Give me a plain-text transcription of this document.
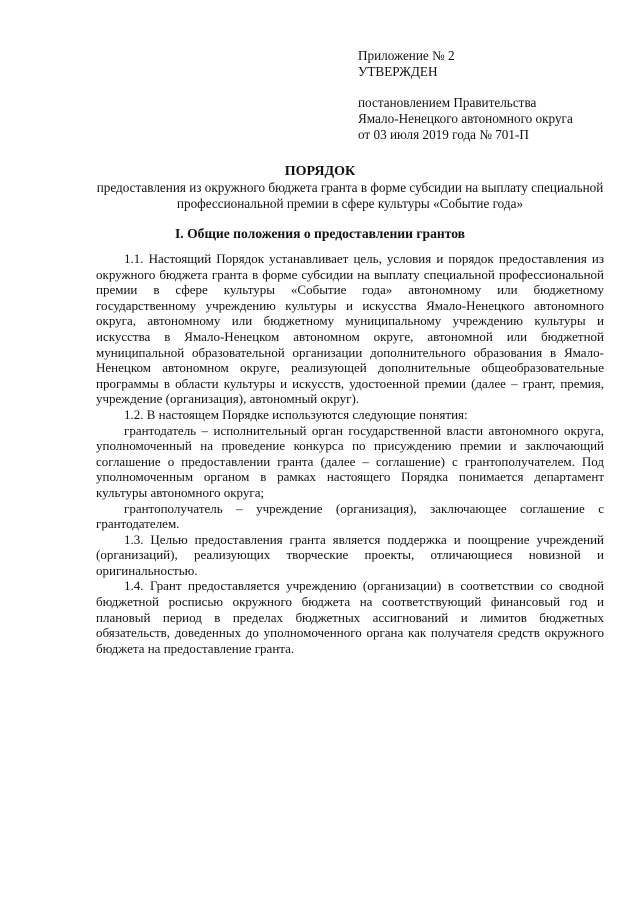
Приложение № 2
УТВЕРЖДЕН
постановлением Правительства
Ямало-Ненецкого автономного округа
от 03 июля 2019 года № 701-П
ПОРЯДОК
предоставления из окружного бюджета гранта в форме субсидии на выплату специальной профессиональной премии в сфере культуры «Событие года»
I. Общие положения о предоставлении грантов

1.1. Настоящий Порядок устанавливает цель, условия и порядок предоставления из окружного бюджета гранта в форме субсидии на выплату специальной профессиональной премии в сфере культуры «Событие года» автономному или бюджетному государственному учреждению культуры и искусства Ямало-Ненецкого автономного округа, автономному или бюджетному муниципальному учреждению культуры и искусства в Ямало-Ненецком автономном округе, автономной или бюджетной муниципальной образовательной организации дополнительного образования в Ямало-Ненецком автономном округе, реализующей дополнительные общеобразовательные программы в области культуры и искусств, удостоенной премии (далее – грант, премия, учреждение (организация), автономный округ).

1.2. В настоящем Порядке используются следующие понятия:

грантодатель – исполнительный орган государственной власти автономного округа, уполномоченный на проведение конкурса по присуждению премии и заключающий соглашение о предоставлении гранта (далее – соглашение) с грантополучателем. Под уполномоченным органом в рамках настоящего Порядка понимается департамент культуры автономного округа;

грантополучатель – учреждение (организация), заключающее соглашение с грантодателем.

1.3. Целью предоставления гранта является поддержка и поощрение учреждений (организаций), реализующих творческие проекты, отличающиеся новизной и оригинальностью.

1.4. Грант предоставляется учреждению (организации) в соответствии со сводной бюджетной росписью окружного бюджета на соответствующий финансовый год и плановый период в пределах бюджетных ассигнований и лимитов бюджетных обязательств, доведенных до уполномоченного органа как получателя средств окружного бюджета на предоставление гранта.
